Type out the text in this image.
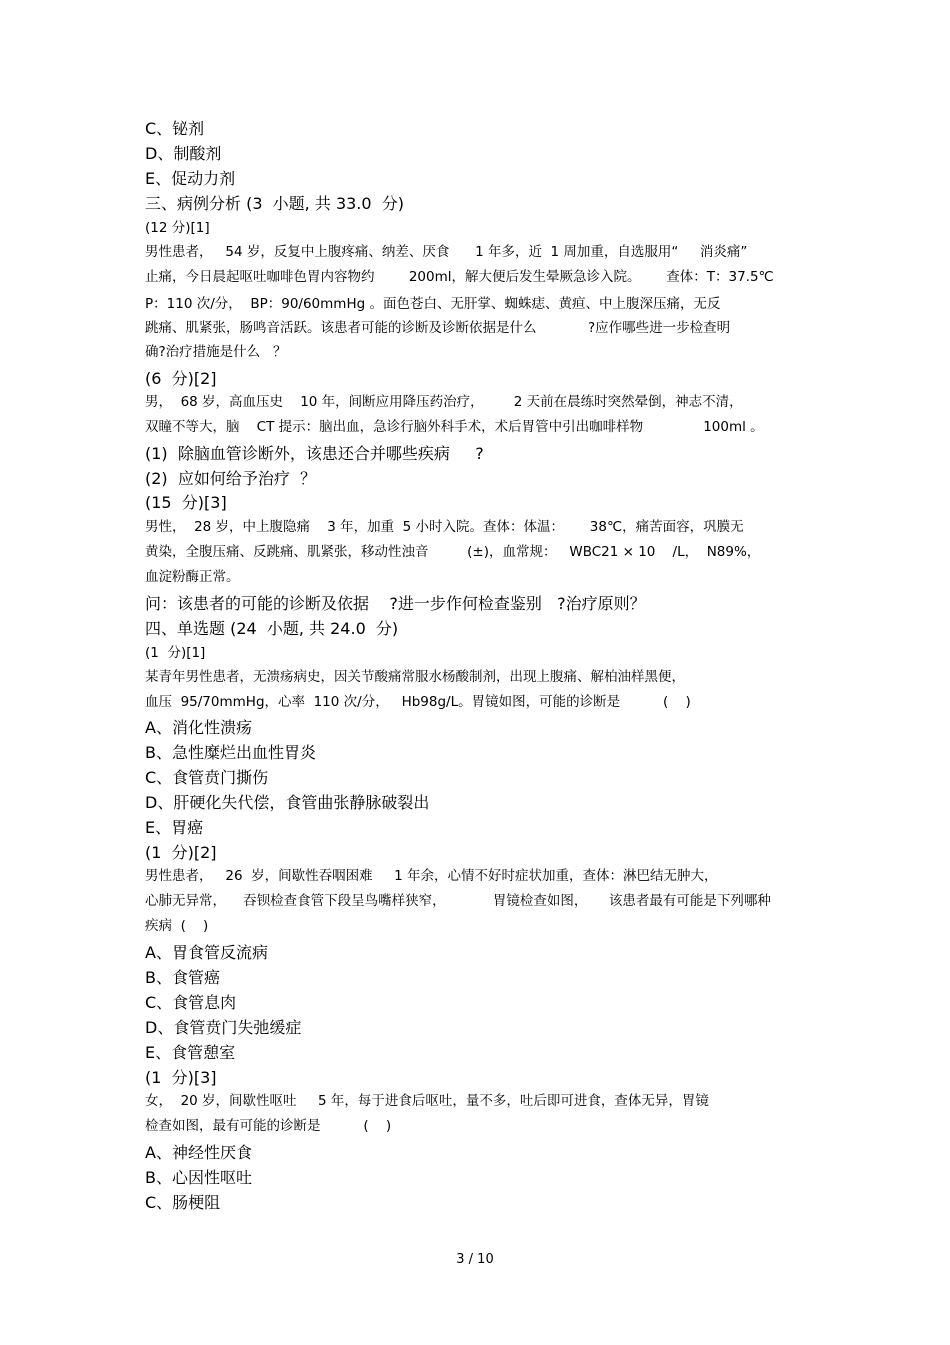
C、铋剂
D、制酸剂
E、促动力剂
三、病例分析 (3  小题, 共 33.0  分)
(12 分)[1]
男性患者，   54 岁，反复中上腹疼痛、纳差、厌食      1 年多，近  1 周加重，自选服用“     消炎痛”
止痛，今日晨起呕吐咖啡色胃内容物约        200ml，解大便后发生晕厥急诊入院。      查体：T：37.5℃
P：110 次/分，  BP：90/60mmHg 。面色苍白、无肝掌、蜘蛛痣、黄疸、中上腹深压痛，无反
跳痛、肌紧张，肠鸣音活跃。该患者可能的诊断及诊断依据是什么            ?应作哪些进一步检查明
确?治疗措施是什么   ？
(6  分)[2]
男，  68 岁，高血压史    10 年，间断应用降压药治疗，       2 天前在晨练时突然晕倒，神志不清，
双瞳不等大，脑    CT 提示：脑出血，急诊行脑外科手术，术后胃管中引出咖啡样物              100ml 。
(1)  除脑血管诊断外，该患还合并哪些疾病     ?
(2)  应如何给予治疗  ？
(15  分)[3]
男性，  28 岁，中上腹隐痛    3 年，加重  5 小时入院。查体：体温：      38℃，痛苦面容，巩膜无
黄染，全腹压痛、反跳痛、肌紧张，移动性浊音         (±)，血常规：   WBC21 × 10    /L，  N89%，
血淀粉酶正常。
问：该患者的可能的诊断及依据    ?进一步作何检查鉴别   ?治疗原则？
四、单选题 (24  小题, 共 24.0  分)
(1  分)[1]
某青年男性患者，无溃疡病史，因关节酸痛常服水杨酸制剂，出现上腹痛、解柏油样黑便，
血压  95/70mmHg，心率  110 次/分，   Hb98g/L。胃镜如图，可能的诊断是          (    )
A、消化性溃疡
B、急性糜烂出血性胃炎
C、食管贲门撕伤
D、肝硬化失代偿，食管曲张静脉破裂出
E、胃癌
(1  分)[2]
男性患者，   26  岁，间歇性吞咽困难     1 年余，心情不好时症状加重，查体：淋巴结无肿大，
心肺无异常，    吞钡检查食管下段呈鸟嘴样狭窄，           胃镜检查如图，     该患者最有可能是下列哪种
疾病  (    )
A、胃食管反流病
B、食管癌
C、食管息肉
D、食管贲门失弛缓症
E、食管憩室
(1  分)[3]
女，  20 岁，间歇性呕吐     5 年，每于进食后呕吐，量不多，吐后即可进食，查体无异，胃镜
检查如图，最有可能的诊断是          (    )
A、神经性厌食
B、心因性呕吐
C、肠梗阻
3 / 10
